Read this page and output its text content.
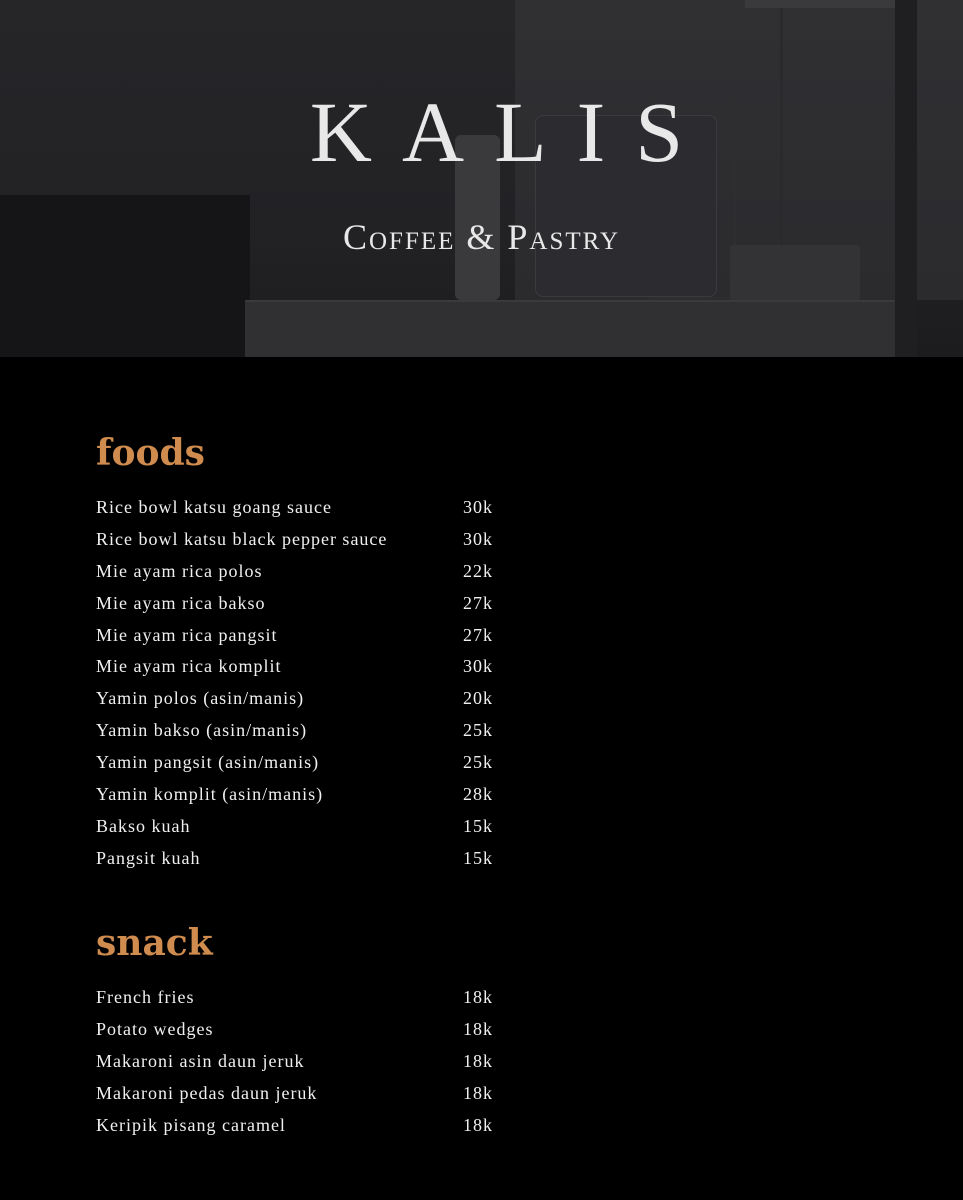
KALIS
Coffee & Pastry
foods
Rice bowl katsu goang sauce	30k
Rice bowl katsu black pepper sauce	30k
Mie ayam rica polos	22k
Mie ayam rica bakso	27k
Mie ayam rica pangsit	27k
Mie ayam rica komplit	30k
Yamin polos (asin/manis)	20k
Yamin bakso (asin/manis)	25k
Yamin pangsit (asin/manis)	25k
Yamin komplit (asin/manis)	28k
Bakso kuah	15k
Pangsit kuah	15k
snack
French fries	18k
Potato wedges	18k
Makaroni asin daun jeruk	18k
Makaroni pedas daun jeruk	18k
Keripik pisang caramel	18k
